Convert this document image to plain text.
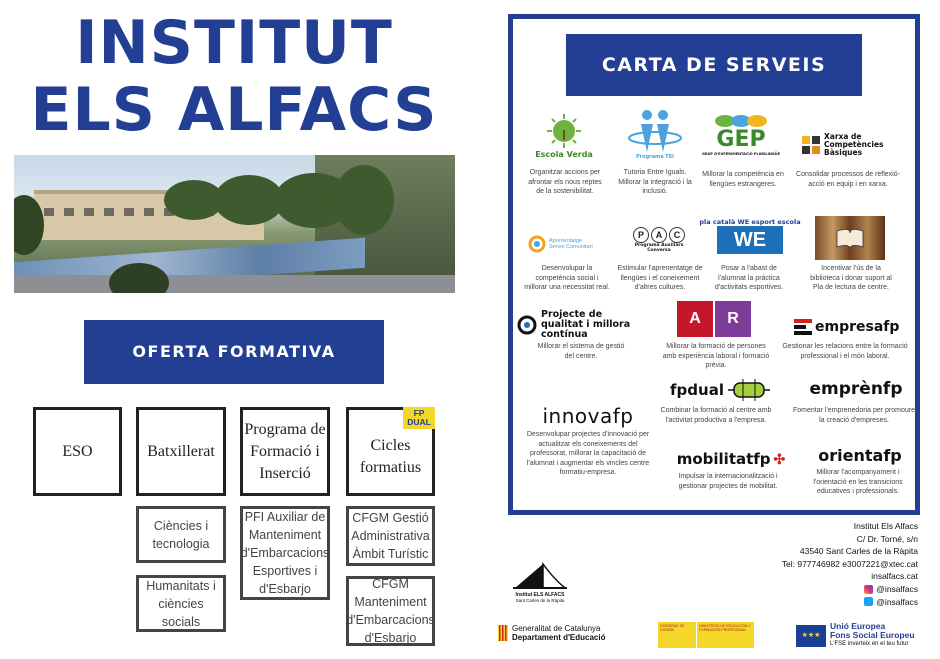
INSTITUT
ELS ALFACS
OFERTA FORMATIVA
ESO	Batxillerat
Programa de Formació i Inserció
FP DUAL
Cicles formatius
Ciències i tecnologia
Humanitats i ciències socials
PFI Auxiliar de Manteniment d'Embarcacions Esportives i d'Esbarjo
CFGM Gestió Administrativa Àmbit Turístic
CFGM Manteniment d'Embarcacions d'Esbarjo
CARTA DE SERVEIS
Escola Verda
Organitzar accions per afrontar els nous reptes de la sostenibilitat.
Programa TEI
Tutoria Entre Iguals. Millorar la integració i la inclusió.
GEP
GRUP D'EXPERIMENTACIÓ PLURILINGÜE
Millorar la competència en llengües estrangeres.
Xarxa de Competències Bàsiques
Consolidar processos de reflexió-acció en equip i en xarxa.
Aprenentatge Servei Comunitari
Desenvolupar la competència social i millorar una necessitat real.
P	A	C
Programa Auxiliars Conversa
Estimular l'aprenentatge de llengües i el coneixement d'altres cultures.
pla català WE esport escola
WE
Posar a l'abast de l'alumnat la pràctica d'activitats esportives.
Incentivar l'ús de la biblioteca i donar suport al Pla de lectura de centre.
Projecte de qualitat i millora contínua
Millorar el sistema de gestió del centre.
A	R
Millorar la formació de persones amb experiència laboral i formació prèvia.
empresafp
Gestionar les relacions entre la formació professional i el món laboral.
fpdual
Combinar la formació al centre amb l'activitat productiva a l'empresa.
emprènfp
Fomentar l'emprenedoria per promoure la creació d'empreses.
innovafp
Desenvolupar projectes d'innovació per actualitzar els coneixements del professorat, millorar la capacitació de l'alumnat i augmentar els vincles centre formatiu-empresa.
mobilitatfp ✣
Impulsar la internacionalització i gestionar projectes de mobilitat.
orientafp
Millorar l'acompanyament i l'orientació en les transicions educatives i professionals.
Institut Els Alfacs
C/ Dr. Torné, s/n
43540 Sant Carles de la Ràpita
Tel: 977746982 e3007221@xtec.cat
insalfacs.cat
@insalfacs
@insalfacs
Institut ELS ALFACS
Sant Carles de la Ràpita
Generalitat de Catalunya
Departament d'Educació
GOBIERNO DE ESPAÑA
MINISTERIO DE EDUCACIÓN Y FORMACIÓN PROFESIONAL
★★★
Unió Europea
Fons Social Europeu
L'FSE inverteix en el teu futur
